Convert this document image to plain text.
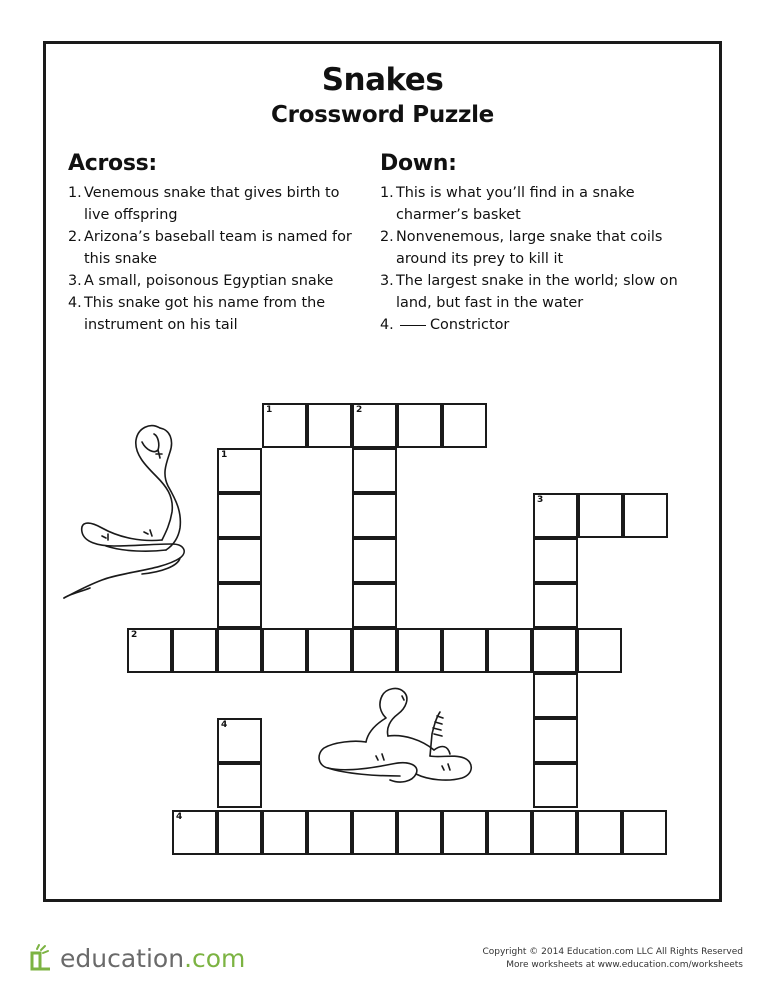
Snakes
Crossword Puzzle
Across:
1. Venemous snake that gives birth to live offspring
2. Arizona’s baseball team is named for this snake
3. A small, poisonous Egyptian snake
4. This snake got his name from the instrument on his tail
Down:
1. This is what you’ll find in a snake charmer’s basket
2. Nonvenemous, large snake that coils around its prey to kill it
3. The largest snake in the world; slow on land, but fast in the water
4.	Constrictor
1	2
1
3
2
4
4
education.com	Copyright © 2014 Education.com LLC All Rights Reserved
More worksheets at www.education.com/worksheets
